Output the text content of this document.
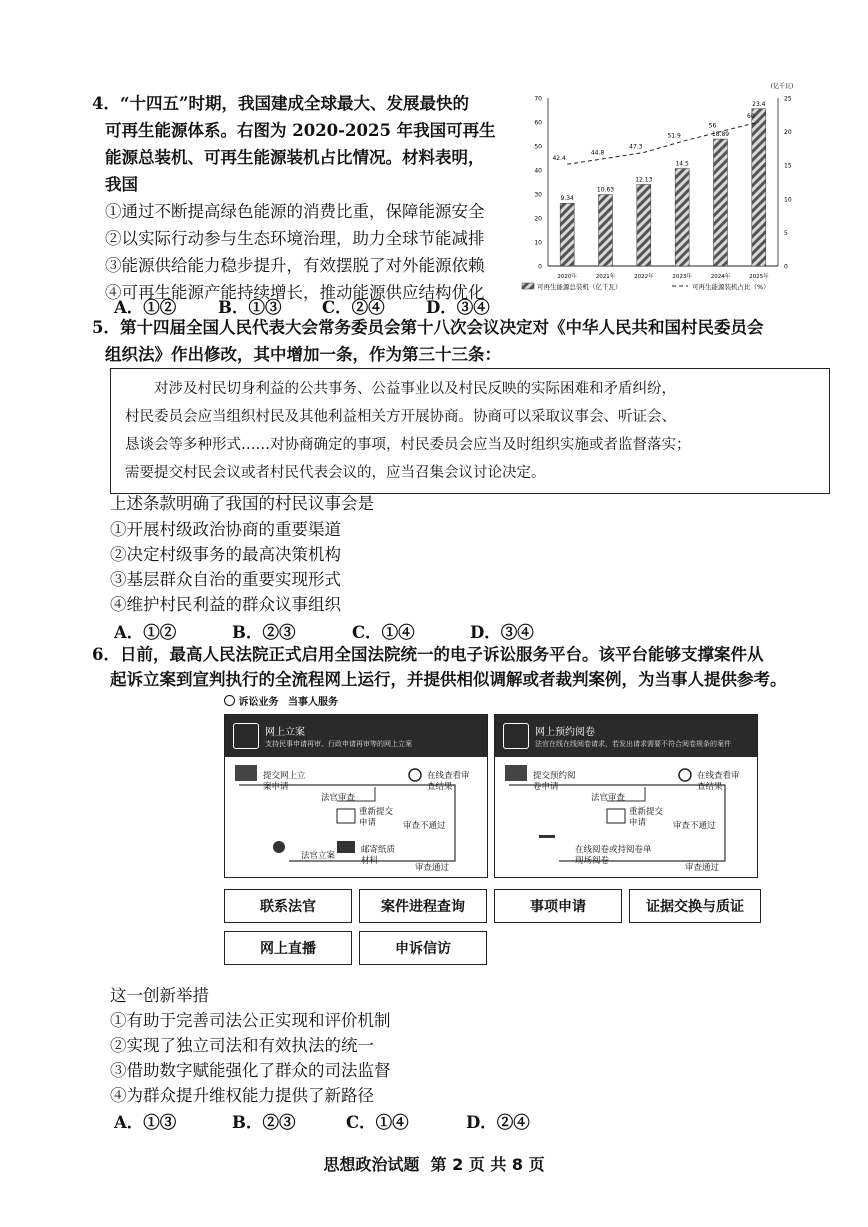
4．“十四五”时期，我国建成全球最大、发展最快的
可再生能源体系。右图为 2020-2025 年我国可再生
能源总装机、可再生能源装机占比情况。材料表明，
我国
①通过不断提高绿色能源的消费比重，保障能源安全
②以实际行动参与生态环境治理，助力全球节能减排
③能源供给能力稳步提升，有效摆脱了对外能源依赖
④可再生能源产能持续增长，推动能源供应结构优化
A．①②	B．①③ C．②④	D．③④
0
10
20
30
40
50
60
70
0
5
10
15
20
25
(亿千瓦)
9.34
2020年
42.4
10.63
2021年
44.8
12.13
2022年
47.3
14.5
2023年
51.9	18.89
2024年
56
23.4
2025年
60
可再生能源总装机（亿千瓦）	可再生能源装机占比（%）
5．第十四届全国人民代表大会常务委员会第十八次会议决定对《中华人民共和国村民委员会
组织法》作出修改，其中增加一条，作为第三十三条：
对涉及村民切身利益的公共事务、公益事业以及村民反映的实际困难和矛盾纠纷，
村民委员会应当组织村民及其他利益相关方开展协商。协商可以采取议事会、听证会、
恳谈会等多种形式……对协商确定的事项，村民委员会应当及时组织实施或者监督落实；
需要提交村民会议或者村民代表会议的，应当召集会议讨论决定。
上述条款明确了我国的村民议事会是
①开展村级政治协商的重要渠道
②决定村级事务的最高决策机构
③基层群众自治的重要实现形式
④维护村民利益的群众议事组织
A．①②	B．②③	C．①④	D．③④
6．日前，最高人民法院正式启用全国法院统一的电子诉讼服务平台。该平台能够支撑案件从
起诉立案到宣判执行的全流程网上运行，并提供相似调解或者裁判案例，为当事人提供参考。
诉讼业务 当事人服务
网上立案
支持民事申请再审、行政申请再审等的网上立案
提交网上立案申请
在线查看审查结果
法官审查
重新提交申请	审查不通过
法官立案
邮寄纸质材料
审查通过
网上预约阅卷
法官在线在线阅卷请求，若发出请求需要不符合阅卷规条的案件
提交预约阅卷申请
在线查看审查结果
法官审查
重新提交申请	审查不通过
在线阅卷或持阅卷单现场阅卷
审查通过
联系法官	案件进程查询	事项申请	证据交换与质证
网上直播	申诉信访
这一创新举措
①有助于完善司法公正实现和评价机制
②实现了独立司法和有效执法的统一
③借助数字赋能强化了群众的司法监督
④为群众提升维权能力提供了新路径
A．①③	B．②③	C．①④	D．②④
思想政治试题  第 2 页 共 8 页
